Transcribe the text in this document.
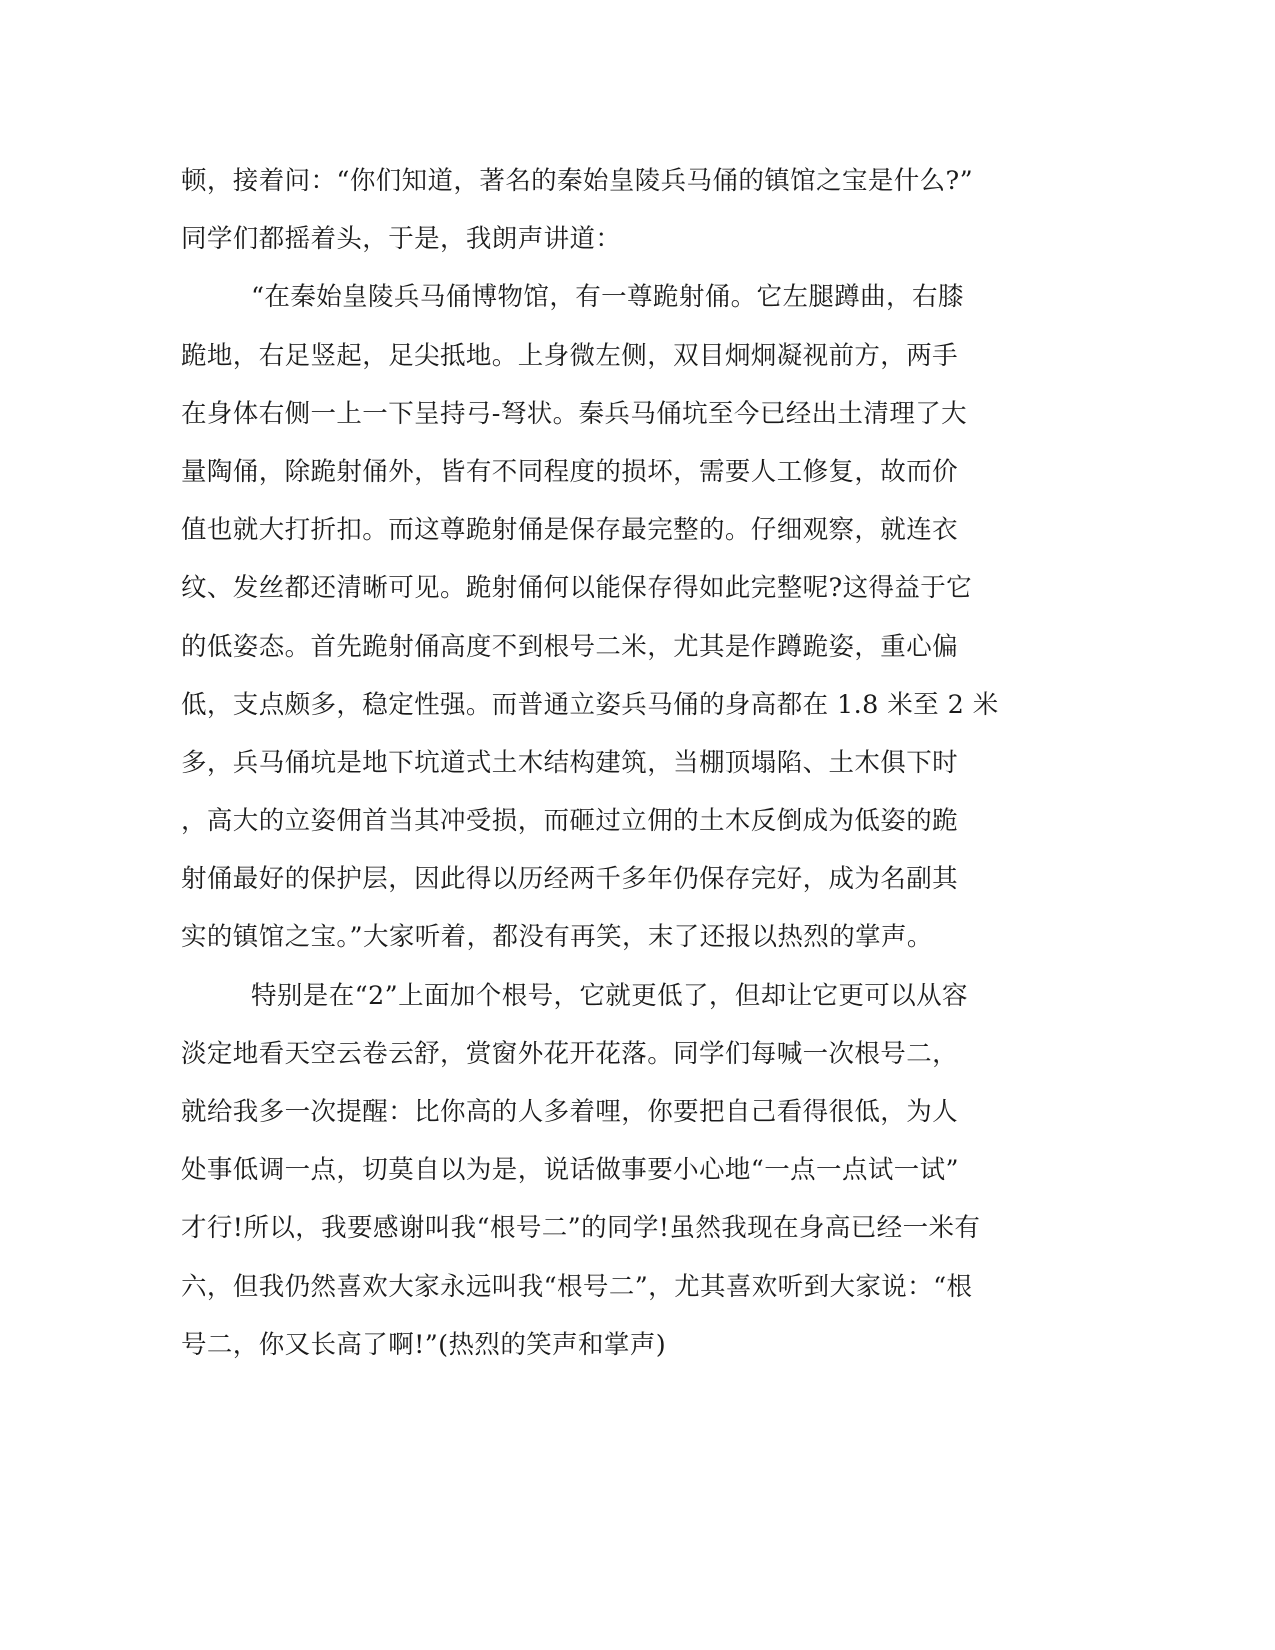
顿，接着问：“你们知道，著名的秦始皇陵兵马俑的镇馆之宝是什么?”
同学们都摇着头，于是，我朗声讲道：
“在秦始皇陵兵马俑博物馆，有一尊跪射俑。它左腿蹲曲，右膝
跪地，右足竖起，足尖抵地。上身微左侧，双目炯炯凝视前方，两手
在身体右侧一上一下呈持弓-弩状。秦兵马俑坑至今已经出土清理了大
量陶俑，除跪射俑外，皆有不同程度的损坏，需要人工修复，故而价
值也就大打折扣。而这尊跪射俑是保存最完整的。仔细观察，就连衣
纹、发丝都还清晰可见。跪射俑何以能保存得如此完整呢?这得益于它
的低姿态。首先跪射俑高度不到根号二米，尤其是作蹲跪姿，重心偏
低，支点颇多，稳定性强。而普通立姿兵马俑的身高都在 1.8 米至 2 米
多，兵马俑坑是地下坑道式土木结构建筑，当棚顶塌陷、土木俱下时
，高大的立姿佣首当其冲受损，而砸过立佣的土木反倒成为低姿的跪
射俑最好的保护层，因此得以历经两千多年仍保存完好，成为名副其
实的镇馆之宝。”大家听着，都没有再笑，末了还报以热烈的掌声。
特别是在“2”上面加个根号，它就更低了，但却让它更可以从容
淡定地看天空云卷云舒，赏窗外花开花落。同学们每喊一次根号二，
就给我多一次提醒：比你高的人多着哩，你要把自己看得很低，为人
处事低调一点，切莫自以为是，说话做事要小心地“一点一点试一试”
才行!所以，我要感谢叫我“根号二”的同学!虽然我现在身高已经一米有
六，但我仍然喜欢大家永远叫我“根号二”，尤其喜欢听到大家说：“根
号二，你又长高了啊!”(热烈的笑声和掌声)
